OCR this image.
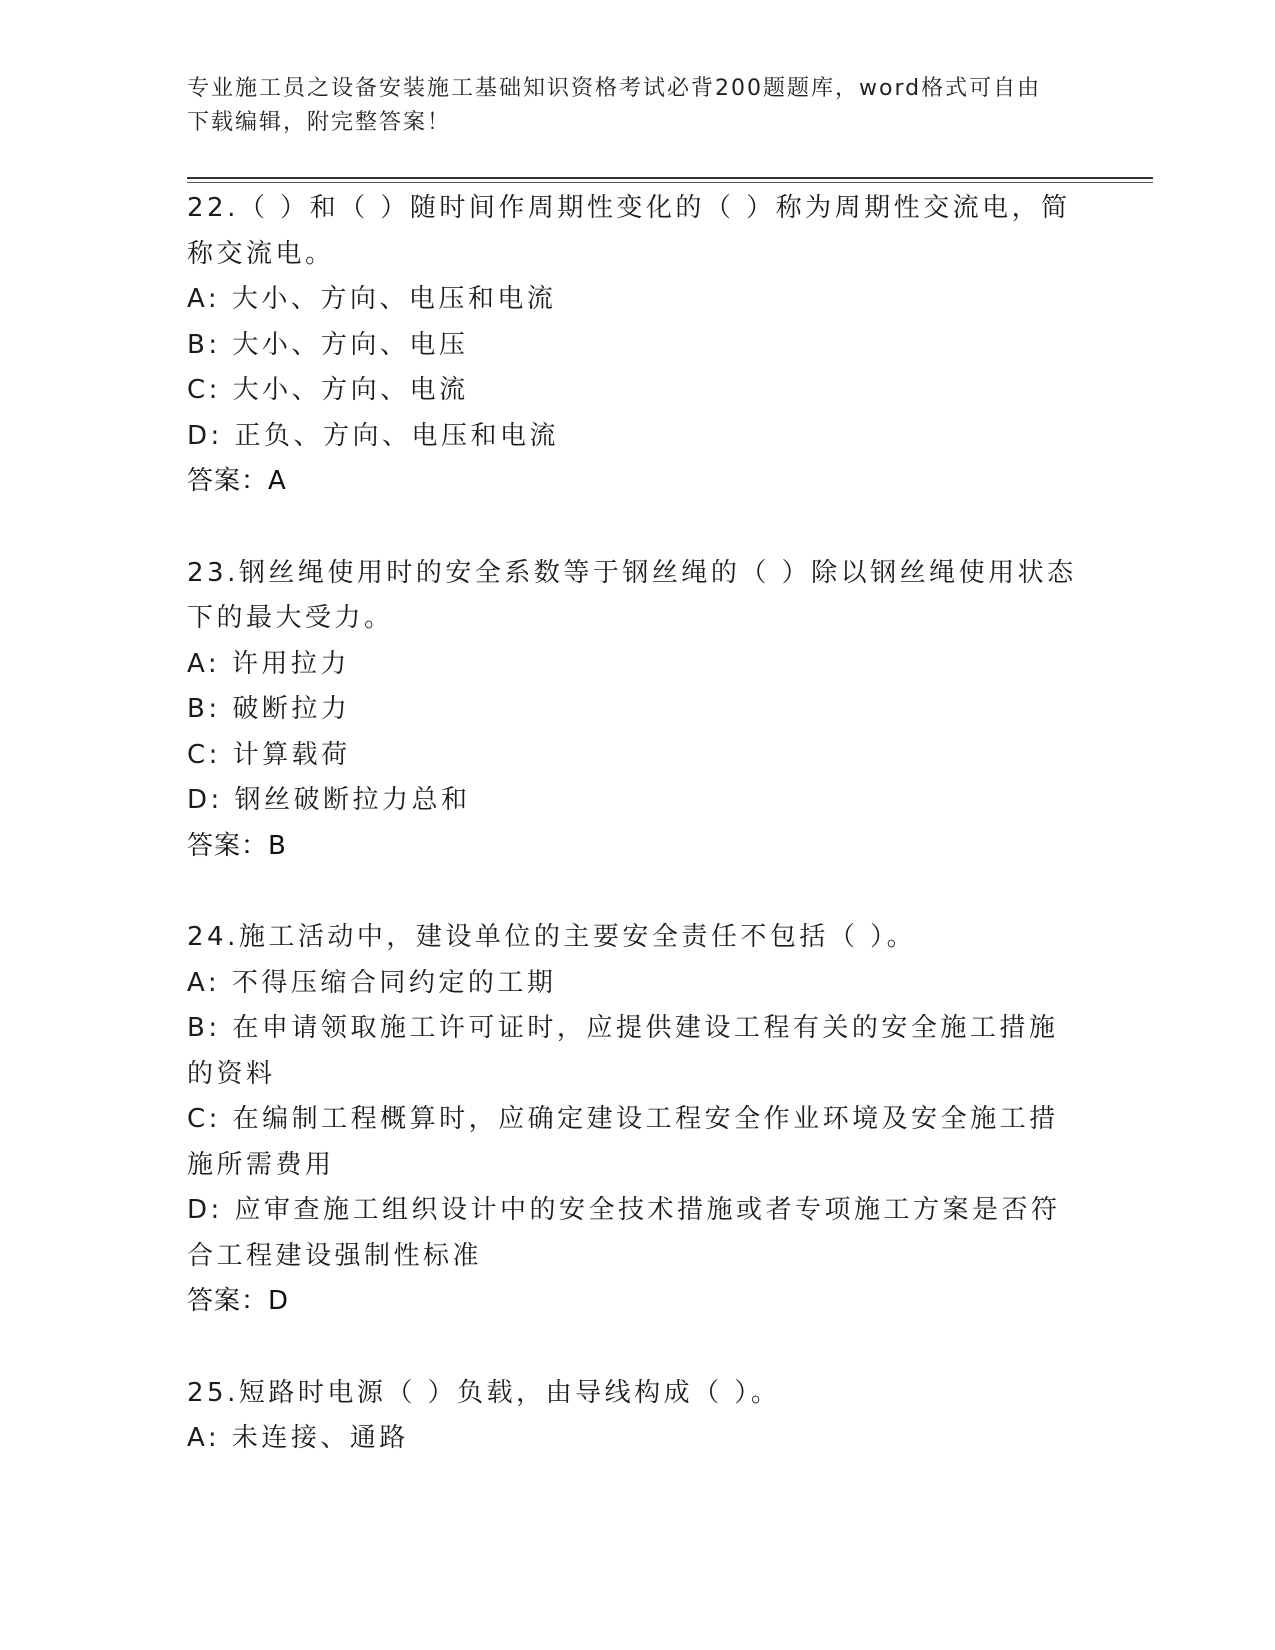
专业施工员之设备安装施工基础知识资格考试必背200题题库，word格式可自由
下载编辑，附完整答案！
22.（ ）和（ ）随时间作周期性变化的（ ）称为周期性交流电，简称交流电。
A: 大小、方向、电压和电流
B: 大小、方向、电压
C: 大小、方向、电流
D: 正负、方向、电压和电流
答案：A
23.钢丝绳使用时的安全系数等于钢丝绳的（ ）除以钢丝绳使用状态下的最大受力。
A: 许用拉力
B: 破断拉力
C: 计算载荷
D: 钢丝破断拉力总和
答案：B
24.施工活动中，建设单位的主要安全责任不包括（ ）。
A: 不得压缩合同约定的工期
B: 在申请领取施工许可证时，应提供建设工程有关的安全施工措施的资料
C: 在编制工程概算时，应确定建设工程安全作业环境及安全施工措施所需费用
D: 应审查施工组织设计中的安全技术措施或者专项施工方案是否符合工程建设强制性标准
答案：D
25.短路时电源（ ）负载，由导线构成（ ）。
A: 未连接、通路
